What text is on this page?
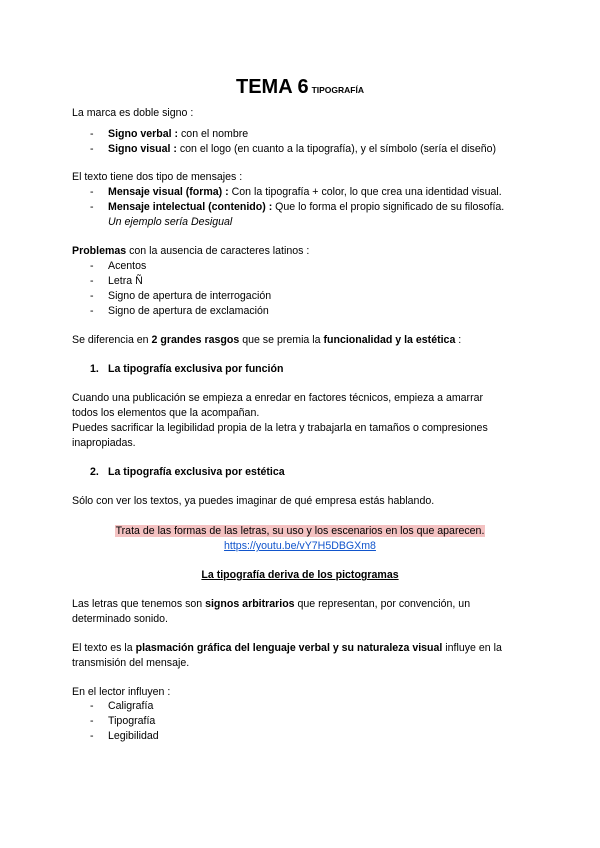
TEMA 6 TIPOGRAFÍA
La marca es doble signo :
-	Signo verbal : con el nombre
-	Signo visual : con el logo (en cuanto a la tipografía), y el símbolo (sería el diseño)
El texto tiene dos tipo de mensajes :
-	Mensaje visual (forma) : Con la tipografía + color, lo que crea una identidad visual.
-	Mensaje intelectual (contenido) : Que lo forma el propio significado de su filosofía.
Un ejemplo sería Desigual
Problemas con la ausencia de caracteres latinos :
-	Acentos
-	Letra Ñ
-	Signo de apertura de interrogación
-	Signo de apertura de exclamación
Se diferencia en 2 grandes rasgos que se premia la funcionalidad y la estética :
1. La tipografía exclusiva por función
Cuando una publicación se empieza a enredar en factores técnicos, empieza a amarrar
todos los elementos que la acompañan.
Puedes sacrificar la legibilidad propia de la letra y trabajarla en tamaños o compresiones
inapropiadas.
2. La tipografía exclusiva por estética
Sólo con ver los textos, ya puedes imaginar de qué empresa estás hablando.
Trata de las formas de las letras, su uso y los escenarios en los que aparecen.
https://youtu.be/vY7H5DBGXm8
La tipografía deriva de los pictogramas
Las letras que tenemos son signos arbitrarios que representan, por convención, un
determinado sonido.
El texto es la plasmación gráfica del lenguaje verbal y su naturaleza visual influye en la
transmisión del mensaje.
En el lector influyen :
-	Caligrafía
-	Tipografía
-	Legibilidad
